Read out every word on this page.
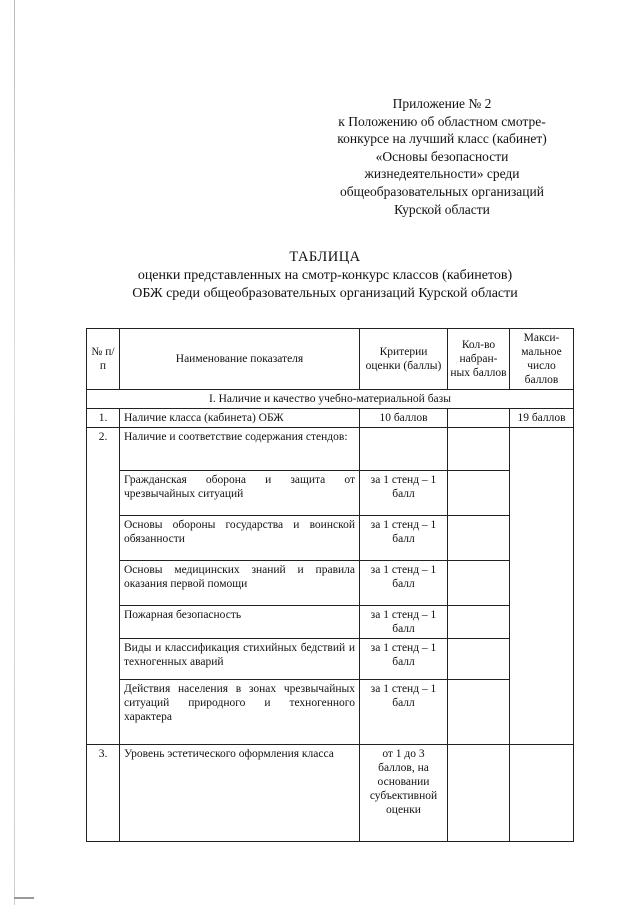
Приложение № 2
к Положению об областном смотре-
конкурсе на лучший класс (кабинет)
«Основы безопасности
жизнедеятельности» среди
общеобразовательных организаций
Курской области
ТАБЛИЦА
оценки представленных на смотр-конкурс классов (кабинетов)
ОБЖ среди общеобразовательных организаций Курской области
№ п/п	Наименование показателя	Критерии оценки (баллы)	Кол-во набран-ных баллов	Макси-мальное число баллов
I. Наличие и качество учебно-материальной базы				
1.	Наличие класса (кабинета) ОБЖ	10 баллов		19 баллов
2.	Наличие и соответствие содержания стендов:			
	Гражданская оборона и защита от чрезвычайных ситуаций	за 1 стенд – 1 балл		
	Основы обороны государства и воинской обязанности	за 1 стенд – 1 балл		
	Основы медицинских знаний и правила оказания первой помощи	за 1 стенд – 1 балл		
	Пожарная безопасность	за 1 стенд – 1 балл		
	Виды и классификация стихийных бедствий и техногенных аварий	за 1 стенд – 1 балл		
	Действия населения в зонах чрезвычайных ситуаций природного и техногенного характера	за 1 стенд – 1 балл		
3.	Уровень эстетического оформления класса	от 1 до 3 баллов, на основании субъективной оценки		
